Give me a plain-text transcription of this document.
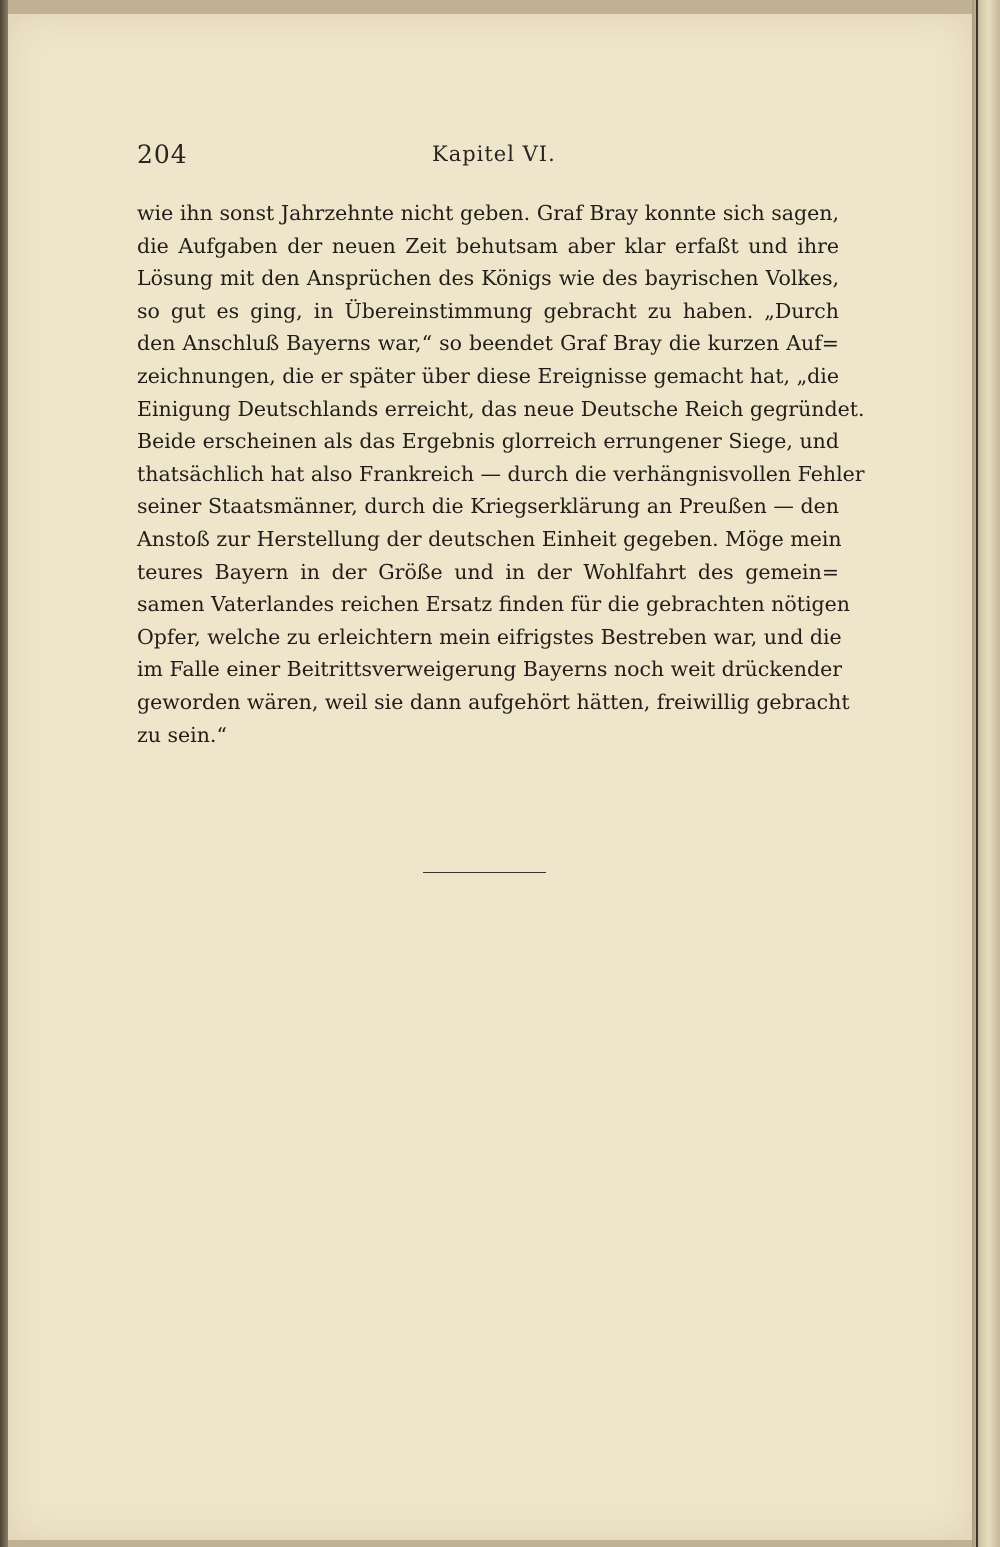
204	Kapitel VI.
wie ihn sonst Jahrzehnte nicht geben. Graf Bray konnte sich sagen,
die Aufgaben der neuen Zeit behutsam aber klar erfaßt und ihre
Lösung mit den Ansprüchen des Königs wie des bayrischen Volkes,
so gut es ging, in Übereinstimmung gebracht zu haben. „Durch
den Anschluß Bayerns war,“ so beendet Graf Bray die kurzen Auf=
zeichnungen, die er später über diese Ereignisse gemacht hat, „die
Einigung Deutschlands erreicht, das neue Deutsche Reich gegründet.
Beide erscheinen als das Ergebnis glorreich errungener Siege, und
thatsächlich hat also Frankreich — durch die verhängnisvollen Fehler
seiner Staatsmänner, durch die Kriegserklärung an Preußen — den
Anstoß zur Herstellung der deutschen Einheit gegeben. Möge mein
teures Bayern in der Größe und in der Wohlfahrt des gemein=
samen Vaterlandes reichen Ersatz finden für die gebrachten nötigen
Opfer, welche zu erleichtern mein eifrigstes Bestreben war, und die
im Falle einer Beitrittsverweigerung Bayerns noch weit drückender
geworden wären, weil sie dann aufgehört hätten, freiwillig gebracht
zu sein.“
